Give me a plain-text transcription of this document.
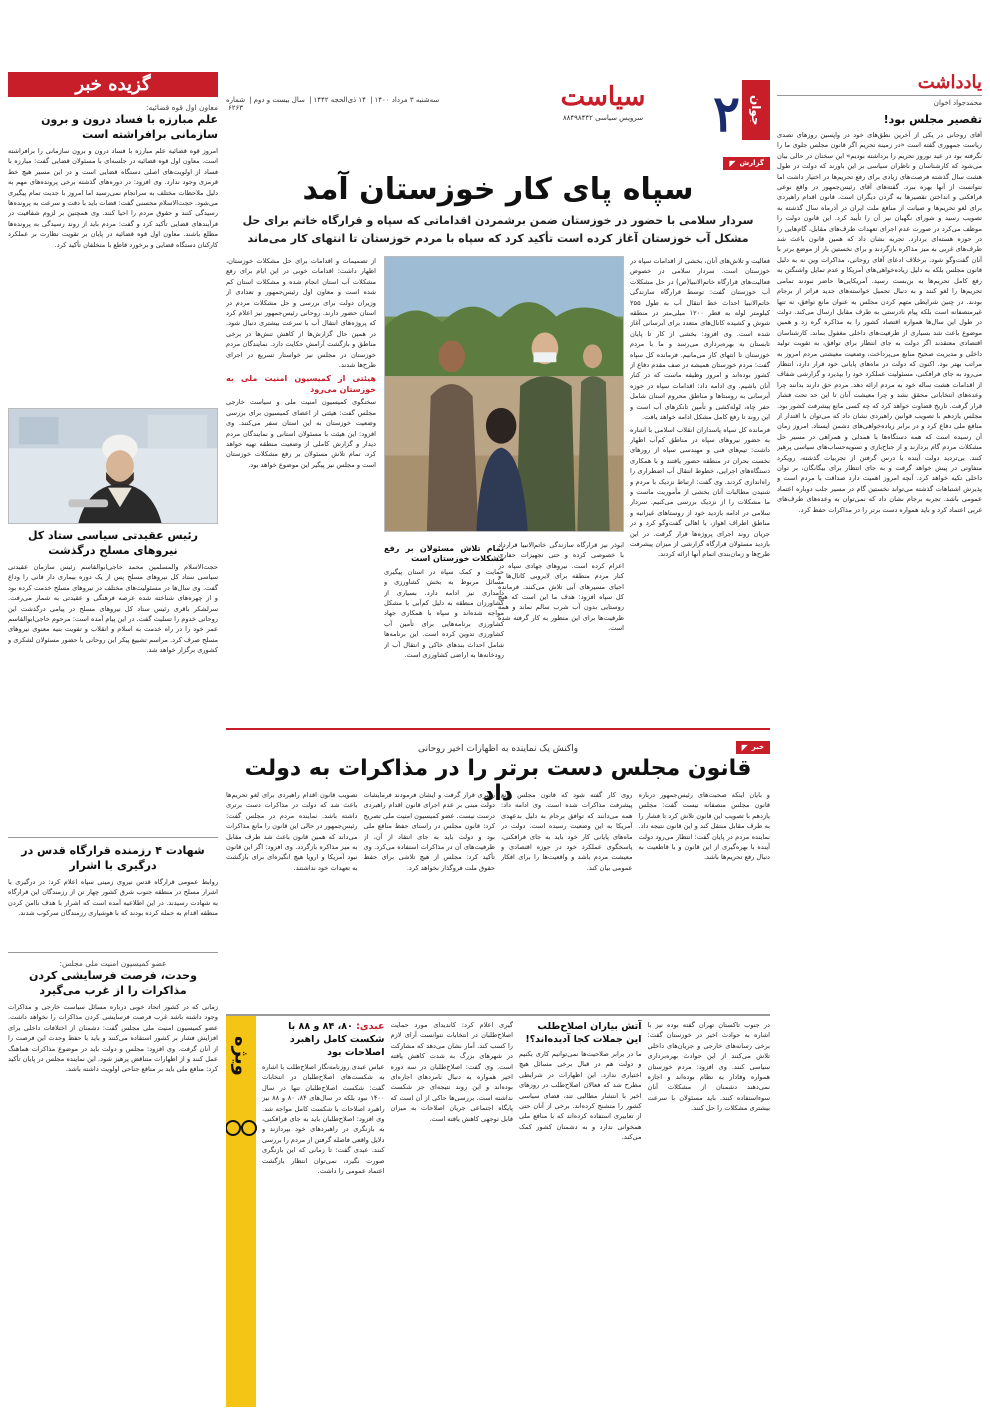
یادداشت
محمدجواد اخوان
تقصیر مجلس بود!
آقای روحانی در یکی از آخرین نطق‌های خود در واپسین روزهای تصدی ریاست جمهوری گفته است «در زمینه تحریم اگر قانون مجلس جلوی ما را نگرفته بود در عید نوروز تحریم را برداشته بودیم» این سخنان در حالی بیان می‌شود که کارشناسان و ناظران سیاسی بر این باورند که دولت در طول هشت سال گذشته فرصت‌های زیادی برای رفع تحریم‌ها در اختیار داشت اما نتوانست از آنها بهره ببرد. گفته‌های آقای رئیس‌جمهور در واقع نوعی فرافکنی و انداختن تقصیرها به گردن دیگران است. قانون اقدام راهبردی برای لغو تحریم‌ها و صیانت از منافع ملت ایران در آذرماه سال گذشته به تصویب رسید و شورای نگهبان نیز آن را تأیید کرد. این قانون دولت را موظف می‌کرد در صورت عدم اجرای تعهدات طرف‌های مقابل، گام‌هایی را در حوزه هسته‌ای بردارد. تجربه نشان داد که همین قانون باعث شد طرف‌های غربی به میز مذاکره بازگردند و برای نخستین بار از موضع برتر با آنان گفت‌وگو شود. برخلاف ادعای آقای روحانی، مذاکرات وین نه به دلیل قانون مجلس بلکه به دلیل زیاده‌خواهی‌های آمریکا و عدم تمایل واشنگتن به رفع کامل تحریم‌ها به بن‌بست رسید. آمریکایی‌ها حاضر نبودند تمامی تحریم‌ها را لغو کنند و به دنبال تحمیل خواسته‌های جدید فراتر از برجام بودند. در چنین شرایطی متهم کردن مجلس به عنوان مانع توافق، نه تنها غیرمنصفانه است بلکه پیام نادرستی به طرف مقابل ارسال می‌کند. دولت در طول این سال‌ها همواره اقتصاد کشور را به مذاکره گره زد و همین موضوع باعث شد بسیاری از ظرفیت‌های داخلی مغفول بماند. کارشناسان اقتصادی معتقدند اگر دولت به جای انتظار برای توافق، به تقویت تولید داخلی و مدیریت صحیح منابع می‌پرداخت، وضعیت معیشتی مردم امروز به مراتب بهتر بود. اکنون که دولت در ماه‌های پایانی خود قرار دارد، انتظار می‌رود به جای فرافکنی، مسئولیت عملکرد خود را بپذیرد و گزارشی شفاف از اقدامات هشت ساله خود به مردم ارائه دهد. مردم حق دارند بدانند چرا وعده‌های انتخاباتی محقق نشد و چرا معیشت آنان تا این حد تحت فشار قرار گرفت. تاریخ قضاوت خواهد کرد که چه کسی مانع پیشرفت کشور بود. مجلس یازدهم با تصویب قوانین راهبردی نشان داد که می‌توان با اقتدار از منافع ملی دفاع کرد و در برابر زیاده‌خواهی‌های دشمن ایستاد. امروز زمان آن رسیده است که همه دستگاه‌ها با همدلی و همراهی در مسیر حل مشکلات مردم گام بردارند و از جناح‌بازی و تسویه‌حساب‌های سیاسی پرهیز کنند. بی‌تردید دولت آینده با درس گرفتن از تجربیات گذشته، رویکرد متفاوتی در پیش خواهد گرفت و به جای انتظار برای بیگانگان، بر توان داخلی تکیه خواهد کرد. آنچه امروز اهمیت دارد صداقت با مردم است و پذیرش اشتباهات گذشته می‌تواند نخستین گام در مسیر جلب دوباره اعتماد عمومی باشد. تجربه برجام نشان داد که نمی‌توان به وعده‌های طرف‌های غربی اعتماد کرد و باید همواره دست برتر را در مذاکرات حفظ کرد.
گزیده خبر
معاون اول قوه قضائیه:
علم مبارزه با فساد درون و برون سازمانی برافراشته است
امروز قوه قضائیه علم مبارزه با فساد درون و برون سازمانی را برافراشته است. معاون اول قوه قضائیه در جلسه‌ای با مسئولان قضایی گفت: مبارزه با فساد از اولویت‌های اصلی دستگاه قضایی است و در این مسیر هیچ خط قرمزی وجود ندارد. وی افزود: در دوره‌های گذشته برخی پرونده‌های مهم به دلیل ملاحظات مختلف به سرانجام نمی‌رسید اما امروز با جدیت تمام پیگیری می‌شود. حجت‌الاسلام محسنی گفت: قضات باید با دقت و سرعت به پرونده‌ها رسیدگی کنند و حقوق مردم را احیا کنند. وی همچنین بر لزوم شفافیت در فرآیندهای قضایی تأکید کرد و گفت: مردم باید از روند رسیدگی به پرونده‌ها مطلع باشند. معاون اول قوه قضائیه در پایان بر تقویت نظارت بر عملکرد کارکنان دستگاه قضایی و برخورد قاطع با متخلفان تأکید کرد.
رئیس عقیدتی سیاسی ستاد کل نیروهای مسلح درگذشت
حجت‌الاسلام والمسلمین محمد حاجی‌ابوالقاسم رئیس سازمان عقیدتی سیاسی ستاد کل نیروهای مسلح پس از یک دوره بیماری دار فانی را وداع گفت. وی سال‌ها در مسئولیت‌های مختلف در نیروهای مسلح خدمت کرده بود و از چهره‌های شناخته شده عرصه فرهنگی و عقیدتی به شمار می‌رفت. سرلشکر باقری رئیس ستاد کل نیروهای مسلح در پیامی درگذشت این روحانی خدوم را تسلیت گفت. در این پیام آمده است: مرحوم حاجی‌ابوالقاسم عمر خود را در راه خدمت به اسلام و انقلاب و تقویت بنیه معنوی نیروهای مسلح صرف کرد. مراسم تشییع پیکر این روحانی با حضور مسئولان لشکری و کشوری برگزار خواهد شد.
شهادت ۴ رزمنده قرارگاه قدس در درگیری با اشرار
روابط عمومی قرارگاه قدس نیروی زمینی سپاه اعلام کرد: در درگیری با اشرار مسلح در منطقه جنوب شرق کشور چهار تن از رزمندگان این قرارگاه به شهادت رسیدند. در این اطلاعیه آمده است که اشرار با هدف ناامن کردن منطقه اقدام به حمله کرده بودند که با هوشیاری رزمندگان سرکوب شدند.
عضو کمیسیون امنیت ملی مجلس:
وحدت، فرصت فرسایشی کردن مذاکرات را از غرب می‌گیرد
زمانی که در کشور اتحاد خوبی درباره مسائل سیاست خارجی و مذاکرات وجود داشته باشد غرب فرصت فرسایشی کردن مذاکرات را نخواهد داشت. عضو کمیسیون امنیت ملی مجلس گفت: دشمنان از اختلافات داخلی برای افزایش فشار بر کشور استفاده می‌کنند و باید با حفظ وحدت این فرصت را از آنان گرفت. وی افزود: مجلس و دولت باید در موضوع مذاکرات هماهنگ عمل کنند و از اظهارات متناقض پرهیز شود. این نماینده مجلس در پایان تأکید کرد: منافع ملی باید بر منافع جناحی اولویت داشته باشد.
جوان
۲
سیاست
سرویس سیاسی ۸۸۴۹۸۴۴۲
سه‌شنبه ۳ مرداد ۱۴۰۰| ۱۴ ذی‌الحجه ۱۴۴۲| سال بیست و دوم| شماره ۶۲۶۳
گزارش
◤
سپاه پای کار خوزستان آمد
سردار سلامی با حضور در خوزستان ضمن برشمردن اقداماتی که سپاه و قرارگاه خاتم برای حل مشکل آب خوزستان آغاز کرده است تأکید کرد که سپاه با مردم خوزستان تا انتهای کار می‌ماند

فعالیت و تلاش‌های آنان، بخشی از اقدامات سپاه در خوزستان است. سردار سلامی در خصوص فعالیت‌های قرارگاه خاتم‌الانبیا(ص) در حل مشکلات آب خوزستان گفت: توسط قرارگاه سازندگی خاتم‌الانبیا احداث خط انتقال آب به طول ۲۵۵ کیلومتر لوله به قطر ۱۲۰۰ میلی‌متر در منطقه شوش و کشیده کانال‌های متعدد برای آبرسانی آغاز شده است. وی افزود: بخشی از کار تا پایان تابستان به بهره‌برداری می‌رسد و ما با مردم خوزستان تا انتهای کار می‌مانیم. فرمانده کل سپاه گفت: مردم خوزستان همیشه در صف مقدم دفاع از کشور بوده‌اند و امروز وظیفه ماست که در کنار آنان باشیم. وی ادامه داد: اقدامات سپاه در حوزه آبرسانی به روستاها و مناطق محروم استان شامل حفر چاه، لوله‌کشی و تأمین تانکرهای آب است و این روند تا رفع کامل مشکل ادامه خواهد یافت.

فرمانده کل سپاه پاسداران انقلاب اسلامی با اشاره به حضور نیروهای سپاه در مناطق کم‌آب اظهار داشت: تیم‌های فنی و مهندسی سپاه از روزهای نخست بحران در منطقه حضور یافتند و با همکاری دستگاه‌های اجرایی، خطوط انتقال آب اضطراری را راه‌اندازی کردند. وی گفت: ارتباط نزدیک با مردم و شنیدن مطالبات آنان بخشی از مأموریت ماست و ما مشکلات را از نزدیک بررسی می‌کنیم. سردار سلامی در ادامه بازدید خود از روستاهای غیزانیه و مناطق اطراف اهواز، با اهالی گفت‌وگو کرد و در جریان روند اجرای پروژه‌ها قرار گرفت. در این بازدید مسئولان قرارگاه گزارشی از میزان پیشرفت طرح‌ها و زمان‌بندی اتمام آنها ارائه کردند.

از تصمیمات و اقدامات برای حل مشکلات خوزستان، اظهار داشت: اقدامات خوبی در این ایام برای رفع مشکلات آب استان انجام شده و مشکلات استان کم شده است و معاون اول رئیس‌جمهور و تعدادی از وزیران دولت برای بررسی و حل مشکلات مردم در استان حضور دارند. روحانی رئیس‌جمهور نیز اعلام کرد که پروژه‌های انتقال آب با سرعت بیشتری دنبال شود. در همین حال گزارش‌ها از کاهش تنش‌ها در برخی مناطق و بازگشت آرامش حکایت دارد. نمایندگان مردم خوزستان در مجلس نیز خواستار تسریع در اجرای طرح‌ها شدند.

هیئتی از کمیسیون امنیت ملی به خوزستان می‌رود

سخنگوی کمیسیون امنیت ملی و سیاست خارجی مجلس گفت: هیئتی از اعضای کمیسیون برای بررسی وضعیت خوزستان به این استان سفر می‌کنند. وی افزود: این هیئت با مسئولان استانی و نمایندگان مردم دیدار و گزارش کاملی از وضعیت منطقه تهیه خواهد کرد. تمام تلاش مسئولان بر رفع مشکلات خوزستان است و مجلس نیز پیگیر این موضوع خواهد بود.

ابوذر نیز قرارگاه سازندگی خاتم‌الانبیا قرارداد با خصوصی کرده و حتی تجهیزات حفاری اعزام کرده است. نیروهای جهادی سپاه در کنار مردم منطقه برای لایروبی کانال‌ها و احیای مسیرهای آبی تلاش می‌کنند. فرمانده کل سپاه افزود: هدف ما این است که هیچ روستایی بدون آب شرب سالم نماند و همه ظرفیت‌ها برای این منظور به کار گرفته شده است.

تمام تلاش مسئولان بر رفع مشکلات خوزستان است

حمایت و کمک سپاه در استان پیگیری مسائل مربوط به بخش کشاورزی و دامداری نیز ادامه دارد. بسیاری از کشاورزان منطقه به دلیل کم‌آبی با مشکل مواجه شده‌اند و سپاه با همکاری جهاد کشاورزی برنامه‌هایی برای تأمین آب کشاورزی تدوین کرده است. این برنامه‌ها شامل احداث بندهای خاکی و انتقال آب از رودخانه‌ها به اراضی کشاورزی است.

خبر
◤
واکنش یک نماینده به اظهارات اخیر روحانی
قانون مجلس دست برتر را در مذاکرات به دولت داد
تصویب قانون اقدام راهبردی برای لغو تحریم‌ها باعث شد که دولت در مذاکرات دست برتری داشته باشد. نماینده مردم در مجلس گفت: رئیس‌جمهور در حالی این قانون را مانع مذاکرات می‌داند که همین قانون باعث شد طرف مقابل به میز مذاکره بازگردد. وی افزود: اگر این قانون نبود آمریکا و اروپا هیچ انگیزه‌ای برای بازگشت به تعهدات خود نداشتند.
رهبری قرار گرفت و ایشان فرمودند فرمایشات دولت مبنی بر عدم اجرای قانون اقدام راهبردی درست نیست. عضو کمیسیون امنیت ملی تصریح کرد: قانون مجلس در راستای حفظ منافع ملی بود و دولت باید به جای انتقاد از آن، از ظرفیت‌های آن در مذاکرات استفاده می‌کرد. وی تأکید کرد: مجلس از هیچ تلاشی برای حفظ حقوق ملت فروگذار نخواهد کرد.
روی کار گفته شود که قانون مجلس مانع پیشرفت مذاکرات شده است. وی ادامه داد: همه می‌دانند که توافق برجام به دلیل بدعهدی آمریکا به این وضعیت رسیده است. دولت در ماه‌های پایانی کار خود باید به جای فرافکنی، پاسخگوی عملکرد خود در حوزه اقتصادی و معیشت مردم باشد و واقعیت‌ها را برای افکار عمومی بیان کند.
و بایان اینکه صحبت‌های رئیس‌جمهور درباره قانون مجلس منصفانه نیست گفت: مجلس یازدهم با تصویب این قانون تلاش کرد تا فشار را به طرف مقابل منتقل کند و این قانون نتیجه داد. نماینده مردم در پایان گفت: انتظار می‌رود دولت آینده با بهره‌گیری از این قانون و با قاطعیت به دنبال رفع تحریم‌ها باشد.
ویژه
عبدی: ۸۰، ۸۴ و ۸۸ با شکست کامل راهبرد اصلاحات بود
عباس عبدی روزنامه‌نگار اصلاح‌طلب با اشاره به شکست‌های اصلاح‌طلبان در انتخابات گفت: شکست اصلاح‌طلبان تنها در سال ۱۴۰۰ نبود بلکه در سال‌های ۸۴، ۸۰ و ۸۸ نیز راهبرد اصلاحات با شکست کامل مواجه شد. وی افزود: اصلاح‌طلبان باید به جای فرافکنی، به بازنگری در راهبردهای خود بپردازند و دلایل واقعی فاصله گرفتن از مردم را بررسی کنند. عبدی گفت: تا زمانی که این بازنگری صورت نگیرد، نمی‌توان انتظار بازگشت اعتماد عمومی را داشت.
گیری اعلام کرد: کاندیدای مورد حمایت اصلاح‌طلبان در انتخابات نتوانست آرای لازم را کسب کند. آمار نشان می‌دهد که مشارکت در شهرهای بزرگ به شدت کاهش یافته است. وی گفت: اصلاح‌طلبان در سه دوره اخیر همواره به دنبال نامزدهای اجاره‌ای بوده‌اند و این روند نتیجه‌ای جز شکست نداشته است. بررسی‌ها حاکی از آن است که پایگاه اجتماعی جریان اصلاحات به میزان قابل توجهی کاهش یافته است.
آتش بیاران اصلاح‌طلب این جملات کجا آدیده‌اند؟!
ما در برابر صلاحیت‌ها نمی‌توانیم کاری بکنیم و دولت هم در قبال برخی مسائل هیچ اختیاری ندارد. این اظهارات در شرایطی مطرح شد که فعالان اصلاح‌طلب در روزهای اخیر با انتشار مطالبی تند، فضای سیاسی کشور را متشنج کرده‌اند. برخی از آنان حتی از تعابیری استفاده کرده‌اند که با منافع ملی همخوانی ندارد و به دشمنان کشور کمک می‌کند.
در جنوب تاکستان تهران گفته بوده نیز با اشاره به حوادث اخیر در خوزستان گفت: برخی رسانه‌های خارجی و جریان‌های داخلی تلاش می‌کنند از این حوادث بهره‌برداری سیاسی کنند. وی افزود: مردم خوزستان همواره وفادار به نظام بوده‌اند و اجازه نمی‌دهند دشمنان از مشکلات آنان سوءاستفاده کنند. باید مسئولان با سرعت بیشتری مشکلات را حل کنند.
